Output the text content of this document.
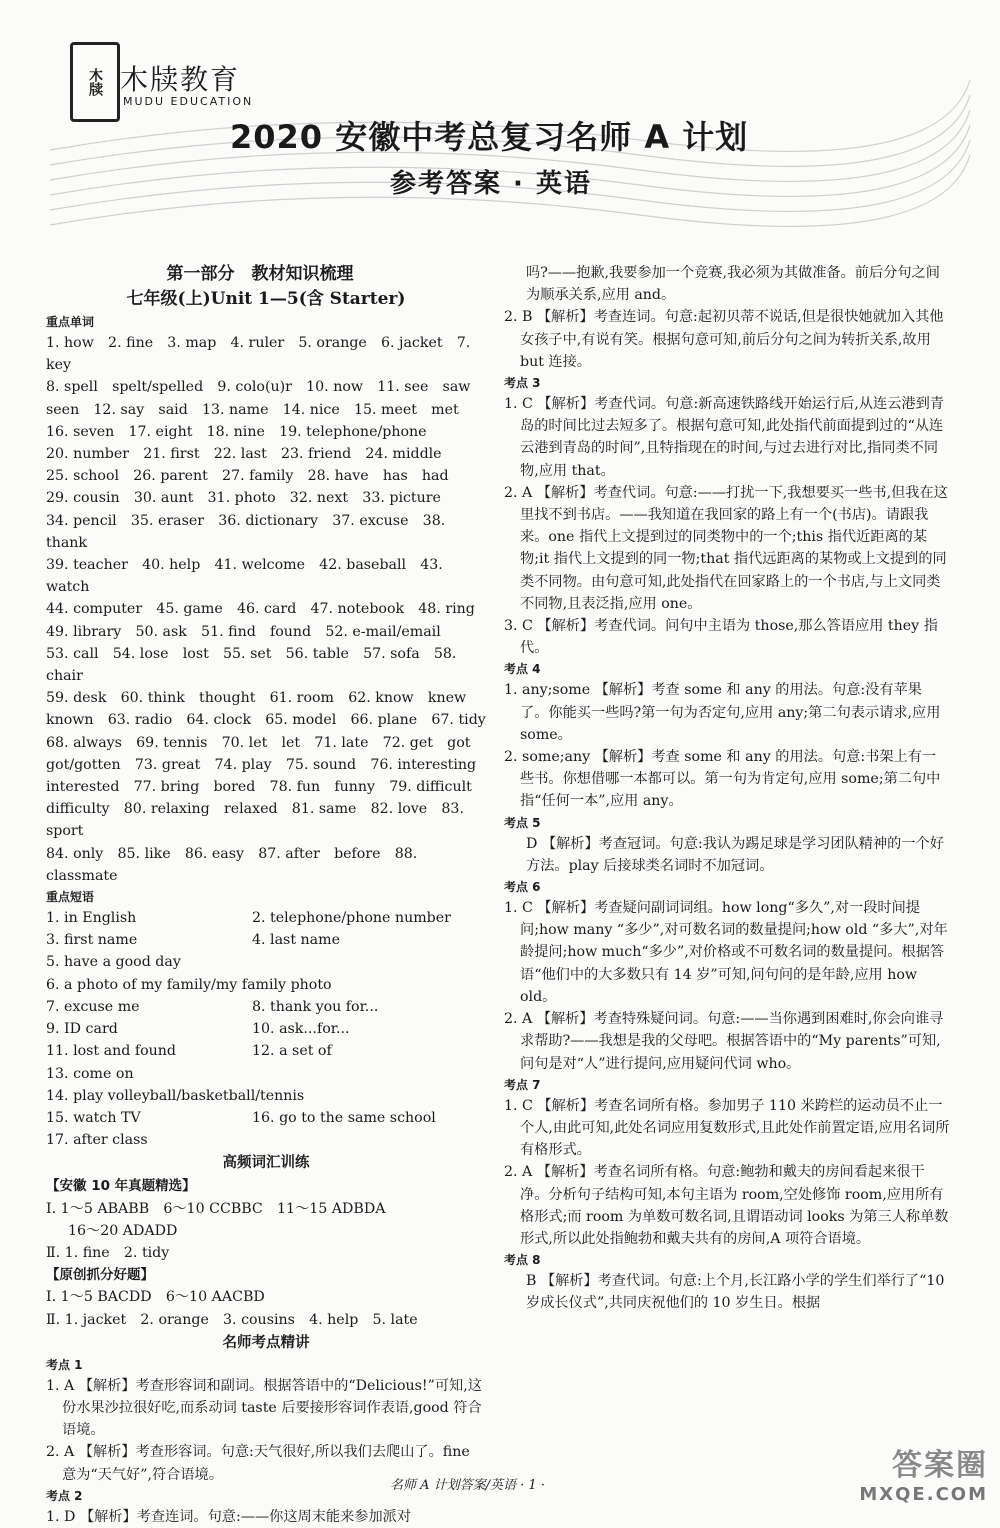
木牍 木牍教育
MUDU EDUCATION
2020 安徽中考总复习名师 A 计划
参考答案 · 英语
第一部分　教材知识梳理
七年级(上)Unit 1—5(含 Starter)
重点单词

1. how　2. fine　3. map　4. ruler　5. orange　6. jacket　7. key

8. spell　spelt/spelled　9. colo(u)r　10. now　11. see　saw

seen　12. say　said　13. name　14. nice　15. meet　met

16. seven　17. eight　18. nine　19. telephone/phone

20. number　21. first　22. last　23. friend　24. middle

25. school　26. parent　27. family　28. have　has　had

29. cousin　30. aunt　31. photo　32. next　33. picture

34. pencil　35. eraser　36. dictionary　37. excuse　38. thank

39. teacher　40. help　41. welcome　42. baseball　43. watch

44. computer　45. game　46. card　47. notebook　48. ring

49. library　50. ask　51. find　found　52. e-mail/email

53. call　54. lose　lost　55. set　56. table　57. sofa　58. chair

59. desk　60. think　thought　61. room　62. know　knew

known　63. radio　64. clock　65. model　66. plane　67. tidy

68. always　69. tennis　70. let　let　71. late　72. get　got

got/gotten　73. great　74. play　75. sound　76. interesting

interested　77. bring　bored　78. fun　funny　79. difficult

difficulty　80. relaxing　relaxed　81. same　82. love　83. sport

84. only　85. like　86. easy　87. after　before　88. classmate

重点短语
1. in English	2. telephone/phone number
3. first name	4. last name
5. have a good day
6. a photo of my family/my family photo
7. excuse me	8. thank you for...
9. ID card	10. ask...for...
11. lost and found	12. a set of
13. come on
14. play volleyball/basketball/tennis
15. watch TV	16. go to the same school
17. after class
高频词汇训练
【安徽 10 年真题精选】

Ⅰ. 1～5 ABABB　6～10 CCBBC　11～15 ADBDA

16～20 ADADD

Ⅱ. 1. fine　2. tidy

【原创抓分好题】

Ⅰ. 1～5 BACDD　6～10 AACBD

Ⅱ. 1. jacket　2. orange　3. cousins　4. help　5. late

名师考点精讲
考点 1

1. A 【解析】考查形容词和副词。根据答语中的“Delicious!”可知,这份水果沙拉很好吃,而系动词 taste 后要接形容词作表语,good 符合语境。

2. A 【解析】考查形容词。句意:天气很好,所以我们去爬山了。fine 意为“天气好”,符合语境。

考点 2

1. D 【解析】考查连词。句意:——你这周末能来参加派对

吗?——抱歉,我要参加一个竞赛,我必须为其做准备。前后分句之间为顺承关系,应用 and。

2. B 【解析】考查连词。句意:起初贝蒂不说话,但是很快她就加入其他女孩子中,有说有笑。根据句意可知,前后分句之间为转折关系,故用 but 连接。

考点 3

1. C 【解析】考查代词。句意:新高速铁路线开始运行后,从连云港到青岛的时间比过去短多了。根据句意可知,此处指代前面提到过的“从连云港到青岛的时间”,且特指现在的时间,与过去进行对比,指同类不同物,应用 that。

2. A 【解析】考查代词。句意:——打扰一下,我想要买一些书,但我在这里找不到书店。——我知道在我回家的路上有一个(书店)。请跟我来。one 指代上文提到过的同类物中的一个;this 指代近距离的某物;it 指代上文提到的同一物;that 指代远距离的某物或上文提到的同类不同物。由句意可知,此处指代在回家路上的一个书店,与上文同类不同物,且表泛指,应用 one。

3. C 【解析】考查代词。问句中主语为 those,那么答语应用 they 指代。

考点 4

1. any;some 【解析】考查 some 和 any 的用法。句意:没有苹果了。你能买一些吗?第一句为否定句,应用 any;第二句表示请求,应用 some。

2. some;any 【解析】考查 some 和 any 的用法。句意:书架上有一些书。你想借哪一本都可以。第一句为肯定句,应用 some;第二句中指“任何一本”,应用 any。

考点 5

D 【解析】考查冠词。句意:我认为踢足球是学习团队精神的一个好方法。play 后接球类名词时不加冠词。

考点 6

1. C 【解析】考查疑问副词词组。how long“多久”,对一段时间提问;how many “多少”,对可数名词的数量提问;how old “多大”,对年龄提问;how much“多少”,对价格或不可数名词的数量提问。根据答语“他们中的大多数只有 14 岁”可知,问句问的是年龄,应用 how old。

2. A 【解析】考查特殊疑问词。句意:——当你遇到困难时,你会向谁寻求帮助?——我想是我的父母吧。根据答语中的“My parents”可知,问句是对“人”进行提问,应用疑问代词 who。

考点 7

1. C 【解析】考查名词所有格。参加男子 110 米跨栏的运动员不止一个人,由此可知,此处名词应用复数形式,且此处作前置定语,应用名词所有格形式。

2. A 【解析】考查名词所有格。句意:鲍勃和戴夫的房间看起来很干净。分析句子结构可知,本句主语为 room,空处修饰 room,应用所有格形式;而 room 为单数可数名词,且谓语动词 looks 为第三人称单数形式,所以此处指鲍勃和戴夫共有的房间,A 项符合语境。

考点 8

B 【解析】考查代词。句意:上个月,长江路小学的学生们举行了“10 岁成长仪式”,共同庆祝他们的 10 岁生日。根据

名师 A 计划答案/英语 · 1 ·
答案圈
MXQE.COM
